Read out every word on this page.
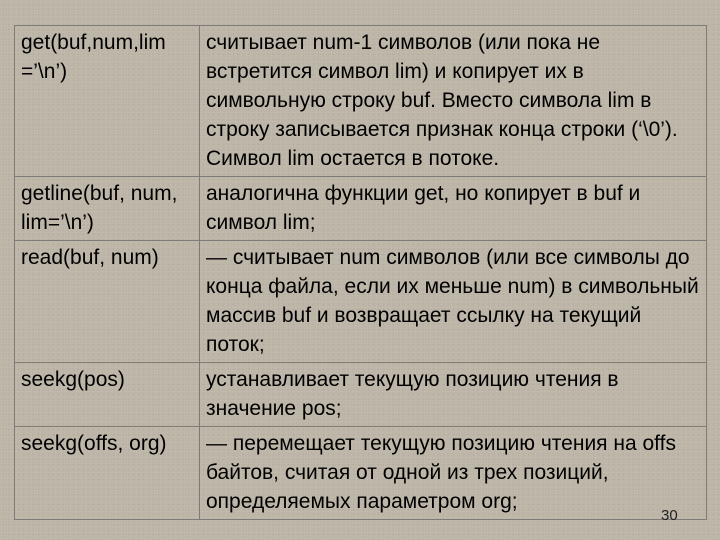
get(buf,num,lim =’\n’)	считывает num-1 символов (или пока не встретится символ lim) и копирует их в символьную строку buf. Вместо символа lim в строку записывается признак конца строки (‘\0’). Символ lim остается в потоке.
getline(buf, num, lim=’\n’)	аналогична функции get, но копирует в buf и символ lim;
read(buf, num)	— считывает num символов (или все символы до конца файла, если их меньше num) в символьный массив buf и возвращает ссылку на текущий поток;
seekg(pos)	устанавливает текущую позицию чтения в значение pos;
seekg(offs, org)	— перемещает текущую позицию чтения на offs байтов, считая от одной из трех позиций, определяемых параметром org;
30
